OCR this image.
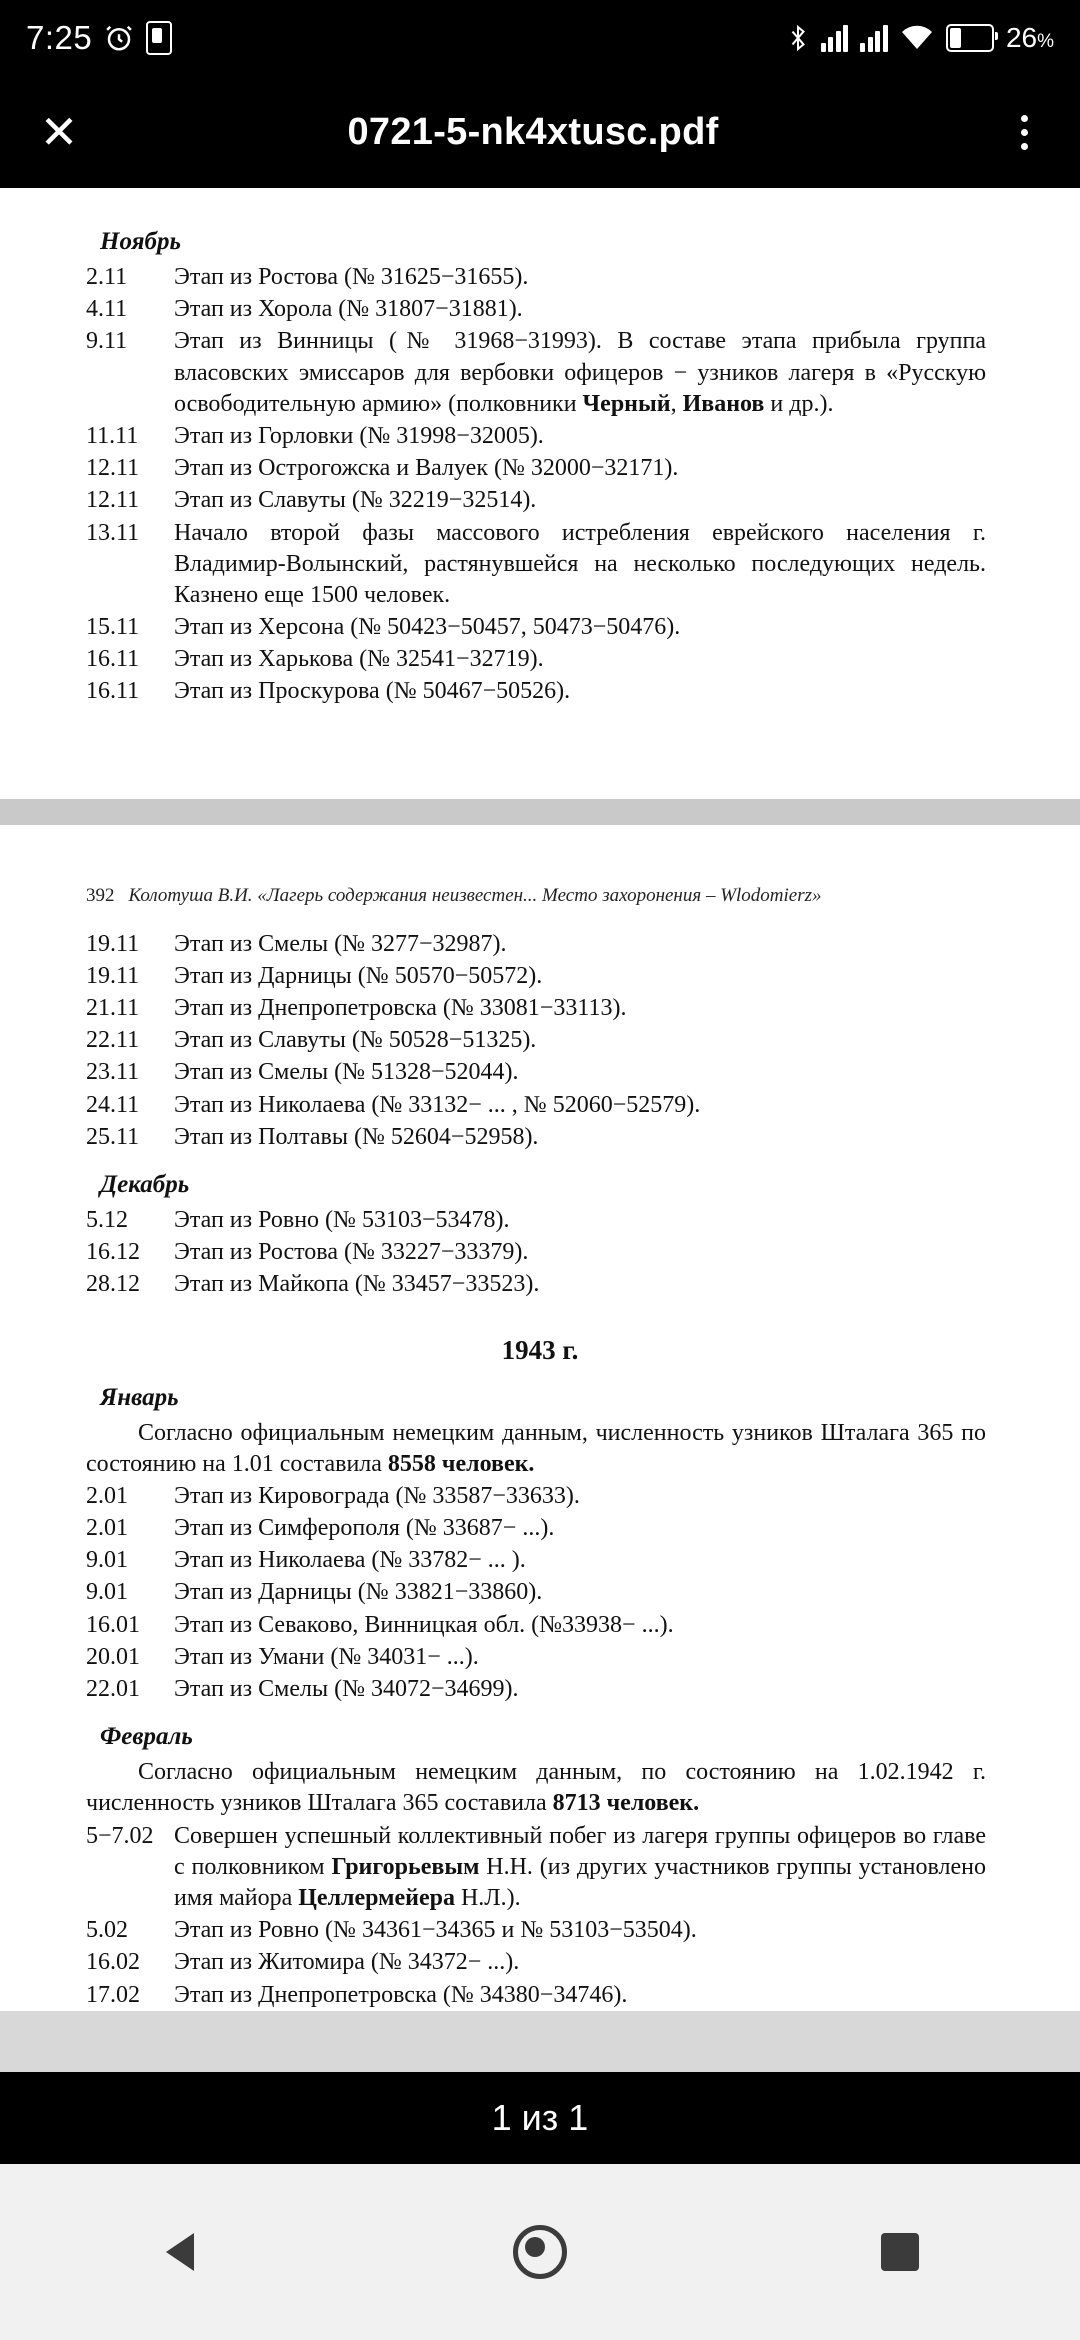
7:25	26%
✕	0721-5-nk4xtusc.pdf
Ноябрь
2.11	Этап из Ростова (№ 31625−31655).
4.11	Этап из Хорола (№ 31807−31881).
9.11	Этап из Винницы (№ 31968−31993). В составе этапа прибыла группа власовских эмиссаров для вербовки офицеров − узников лагеря в «Русскую освободительную армию» (полковники Черный, Иванов и др.).
11.11	Этап из Горловки (№ 31998−32005).
12.11	Этап из Острогожска и Валуек (№ 32000−32171).
12.11	Этап из Славуты (№ 32219−32514).
13.11	Начало второй фазы массового истребления еврейского населения г. Владимир-Волынский, растянувшейся на несколько последующих недель. Казнено еще 1500 человек.
15.11	Этап из Херсона (№ 50423−50457, 50473−50476).
16.11	Этап из Харькова (№ 32541−32719).
16.11	Этап из Проскурова (№ 50467−50526).
392 Колотуша В.И. «Лагерь содержания неизвестен... Место захоронения – Wlodomierz»
19.11	Этап из Смелы (№ 3277−32987).
19.11	Этап из Дарницы (№ 50570−50572).
21.11	Этап из Днепропетровска (№ 33081−33113).
22.11	Этап из Славуты (№ 50528−51325).
23.11	Этап из Смелы (№ 51328−52044).
24.11	Этап из Николаева (№ 33132− ... , № 52060−52579).
25.11	Этап из Полтавы (№ 52604−52958).
Декабрь
5.12	Этап из Ровно (№ 53103−53478).
16.12	Этап из Ростова (№ 33227−33379).
28.12	Этап из Майкопа (№ 33457−33523).
1943 г.
Январь
Согласно официальным немецким данным, численность узников Шталага 365 по состоянию на 1.01 составила 8558 человек.
2.01	Этап из Кировограда (№ 33587−33633).
2.01	Этап из Симферополя (№ 33687− ...).
9.01	Этап из Николаева (№ 33782− ... ).
9.01	Этап из Дарницы (№ 33821−33860).
16.01	Этап из Севаково, Винницкая обл. (№33938− ...).
20.01	Этап из Умани (№ 34031− ...).
22.01	Этап из Смелы (№ 34072−34699).
Февраль
Согласно официальным немецким данным, по состоянию на 1.02.1942 г. численность узников Шталага 365 составила 8713 человек.
5−7.02 Совершен успешный коллективный побег из лагеря группы офицеров во главе с полковником Григорьевым Н.Н. (из других участников группы установлено имя майора Целлермейера Н.Л.).
5.02	Этап из Ровно (№ 34361−34365 и № 53103−53504).
16.02	Этап из Житомира (№ 34372− ...).
17.02	Этап из Днепропетровска (№ 34380−34746).
1 из 1
